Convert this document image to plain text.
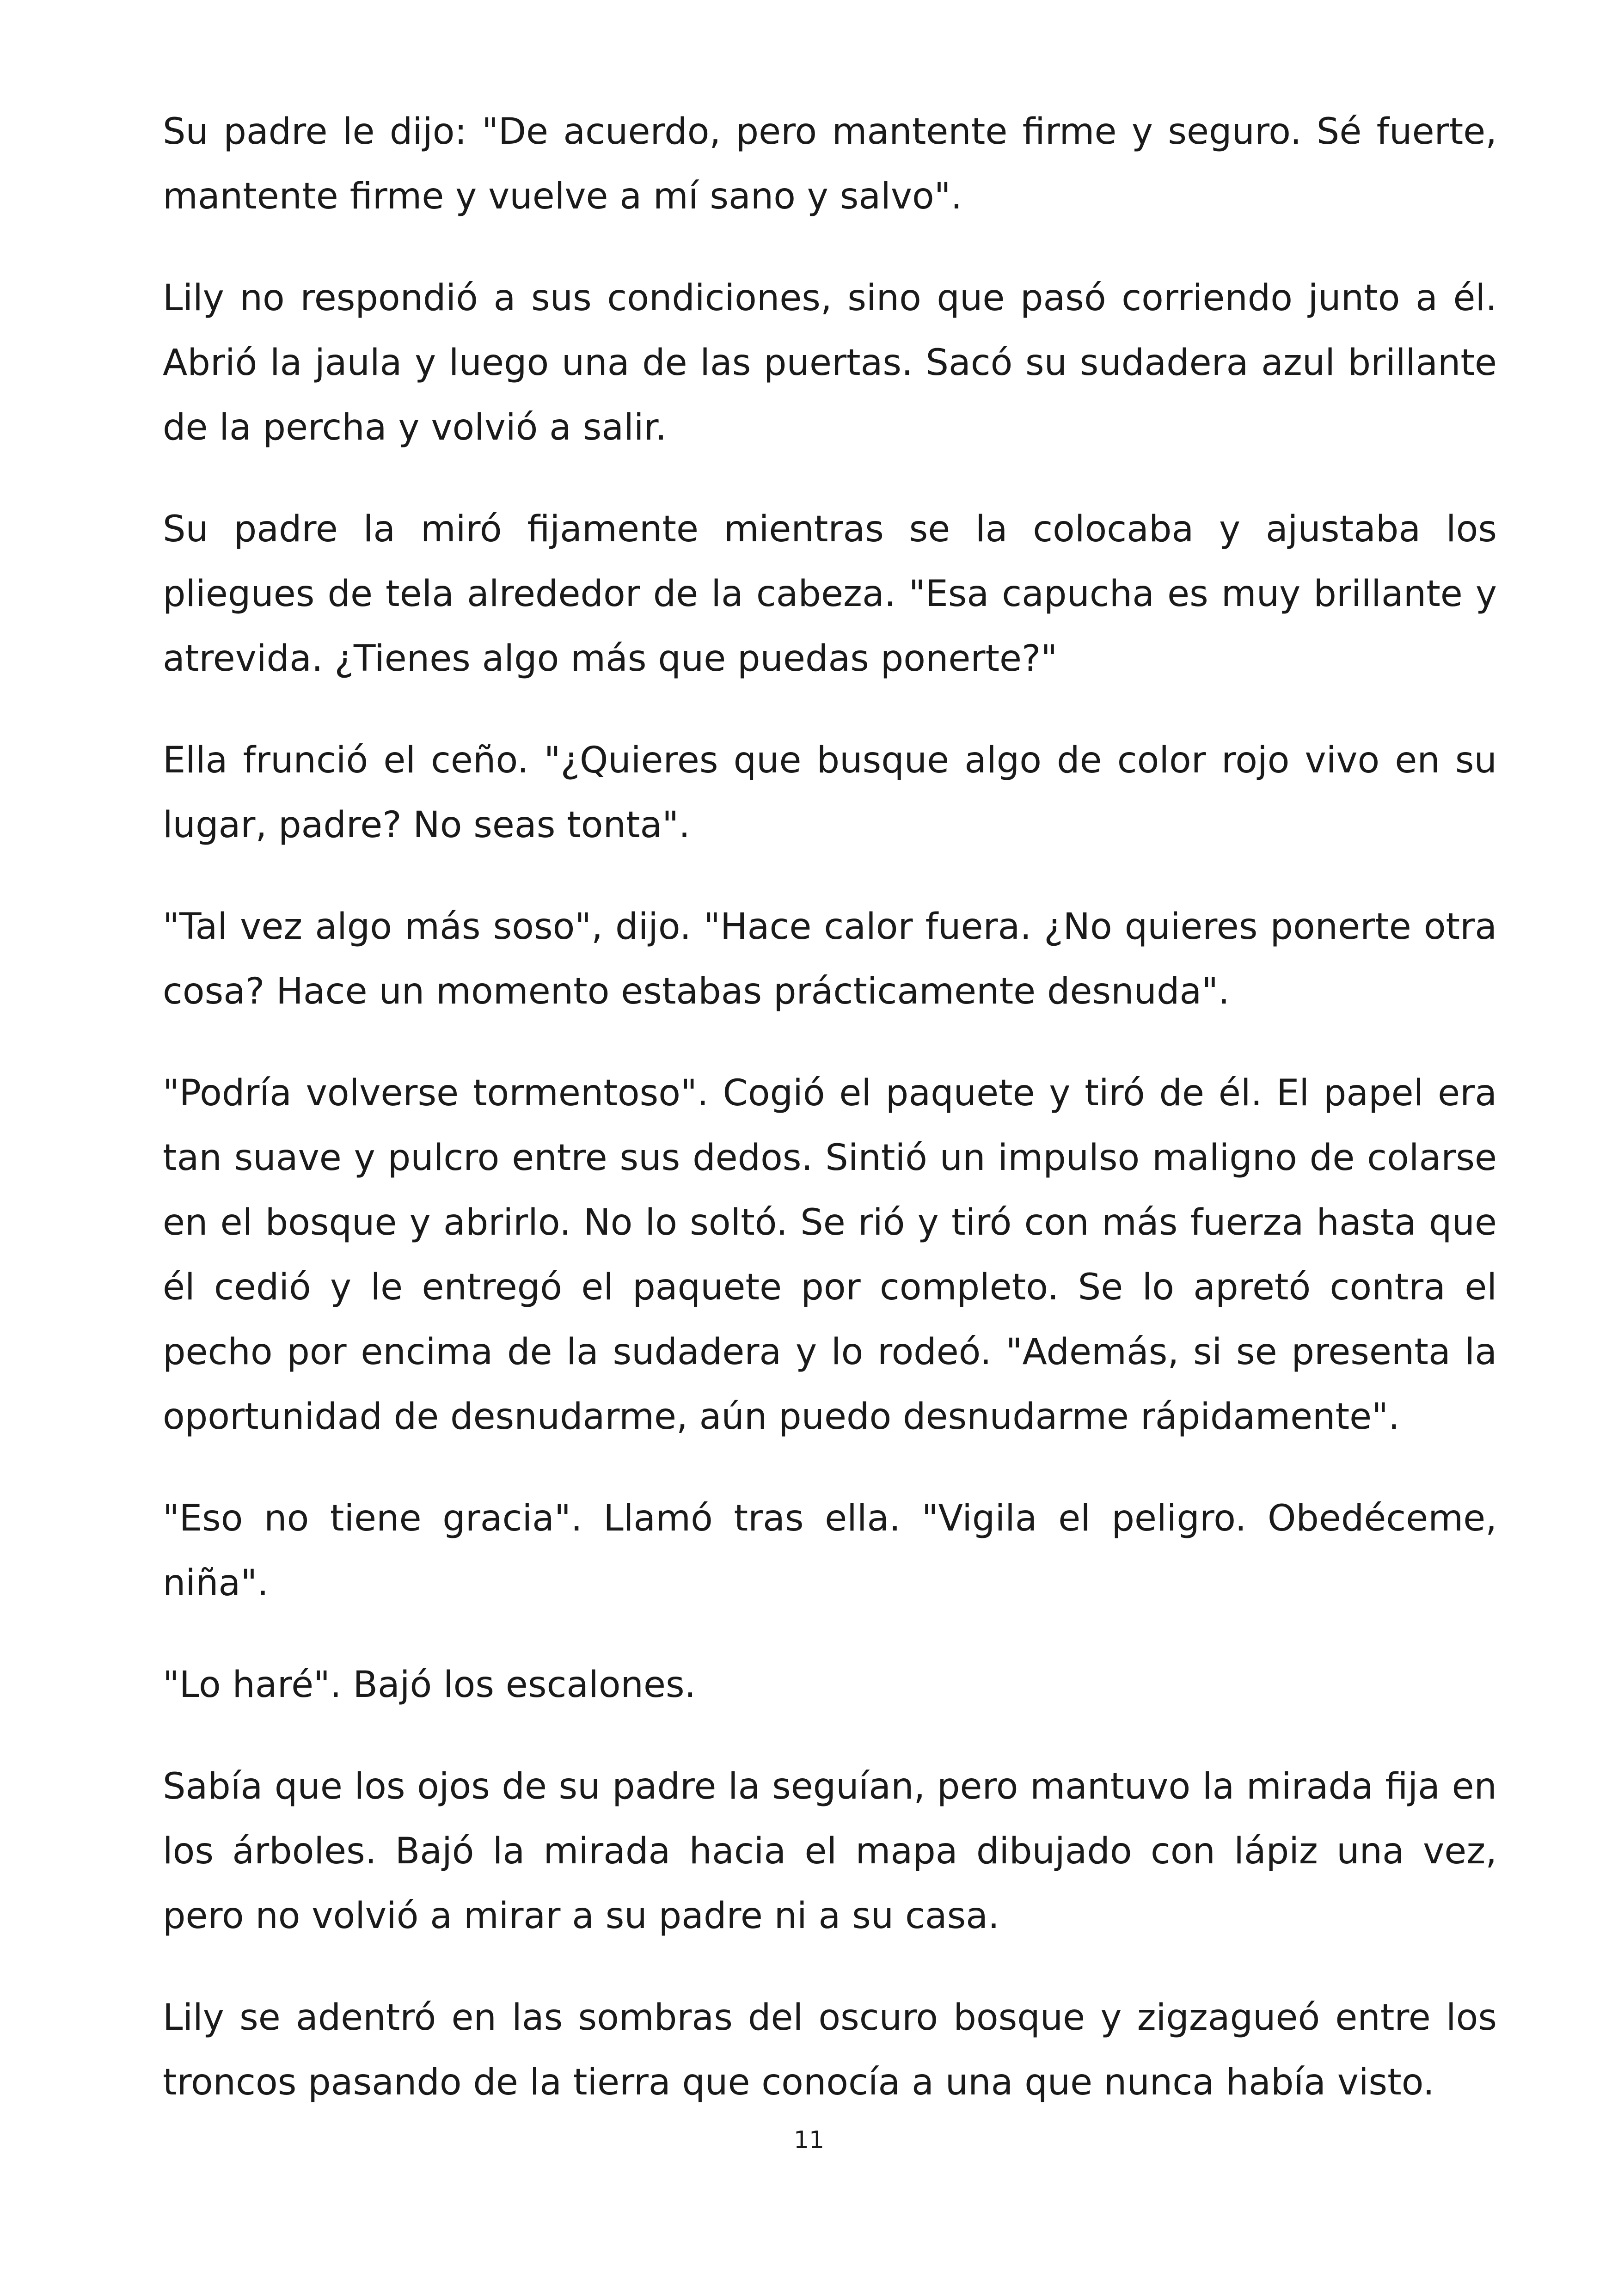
Su padre le dijo: "De acuerdo, pero mantente firme y seguro. Sé fuerte, mantente firme y vuelve a mí sano y salvo".

Lily no respondió a sus condiciones, sino que pasó corriendo junto a él. Abrió la jaula y luego una de las puertas. Sacó su sudadera azul brillante de la percha y volvió a salir.

Su padre la miró fijamente mientras se la colocaba y ajustaba los pliegues de tela alrededor de la cabeza. "Esa capucha es muy brillante y atrevida. ¿Tienes algo más que puedas ponerte?"

Ella frunció el ceño. "¿Quieres que busque algo de color rojo vivo en su lugar, padre? No seas tonta".

"Tal vez algo más soso", dijo. "Hace calor fuera. ¿No quieres ponerte otra cosa? Hace un momento estabas prácticamente desnuda".

"Podría volverse tormentoso". Cogió el paquete y tiró de él. El papel era tan suave y pulcro entre sus dedos. Sintió un impulso maligno de colarse en el bosque y abrirlo. No lo soltó. Se rió y tiró con más fuerza hasta que él cedió y le entregó el paquete por completo. Se lo apretó contra el pecho por encima de la sudadera y lo rodeó. "Además, si se presenta la oportunidad de desnudarme, aún puedo desnudarme rápidamente".

"Eso no tiene gracia". Llamó tras ella. "Vigila el peligro. Obedéceme, niña".

"Lo haré". Bajó los escalones.

Sabía que los ojos de su padre la seguían, pero mantuvo la mirada fija en los árboles. Bajó la mirada hacia el mapa dibujado con lápiz una vez, pero no volvió a mirar a su padre ni a su casa.

Lily se adentró en las sombras del oscuro bosque y zigzagueó entre los troncos pasando de la tierra que conocía a una que nunca había visto.

11
